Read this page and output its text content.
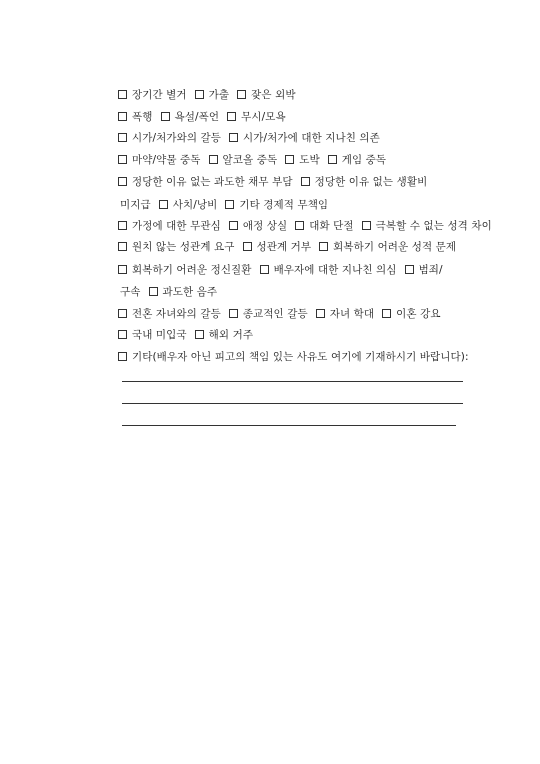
장기간 별거 가출 잦은 외박
폭행 욕설/폭언 무시/모욕
시가/처가와의 갈등 시가/처가에 대한 지나친 의존
마약/약물 중독 알코올 중독 도박 게임 중독
정당한 이유 없는 과도한 채무 부담 정당한 이유 없는 생활비
미지급 사치/낭비 기타 경제적 무책임
가정에 대한 무관심 애정 상실 대화 단절 극복할 수 없는 성격 차이
원치 않는 성관계 요구 성관계 거부 회복하기 어려운 성적 문제
회복하기 어려운 정신질환 배우자에 대한 지나친 의심 범죄/
구속 과도한 음주
전혼 자녀와의 갈등 종교적인 갈등 자녀 학대 이혼 강요
국내 미입국 해외 거주
기타(배우자 아닌 피고의 책임 있는 사유도 여기에 기재하시기 바랍니다):
